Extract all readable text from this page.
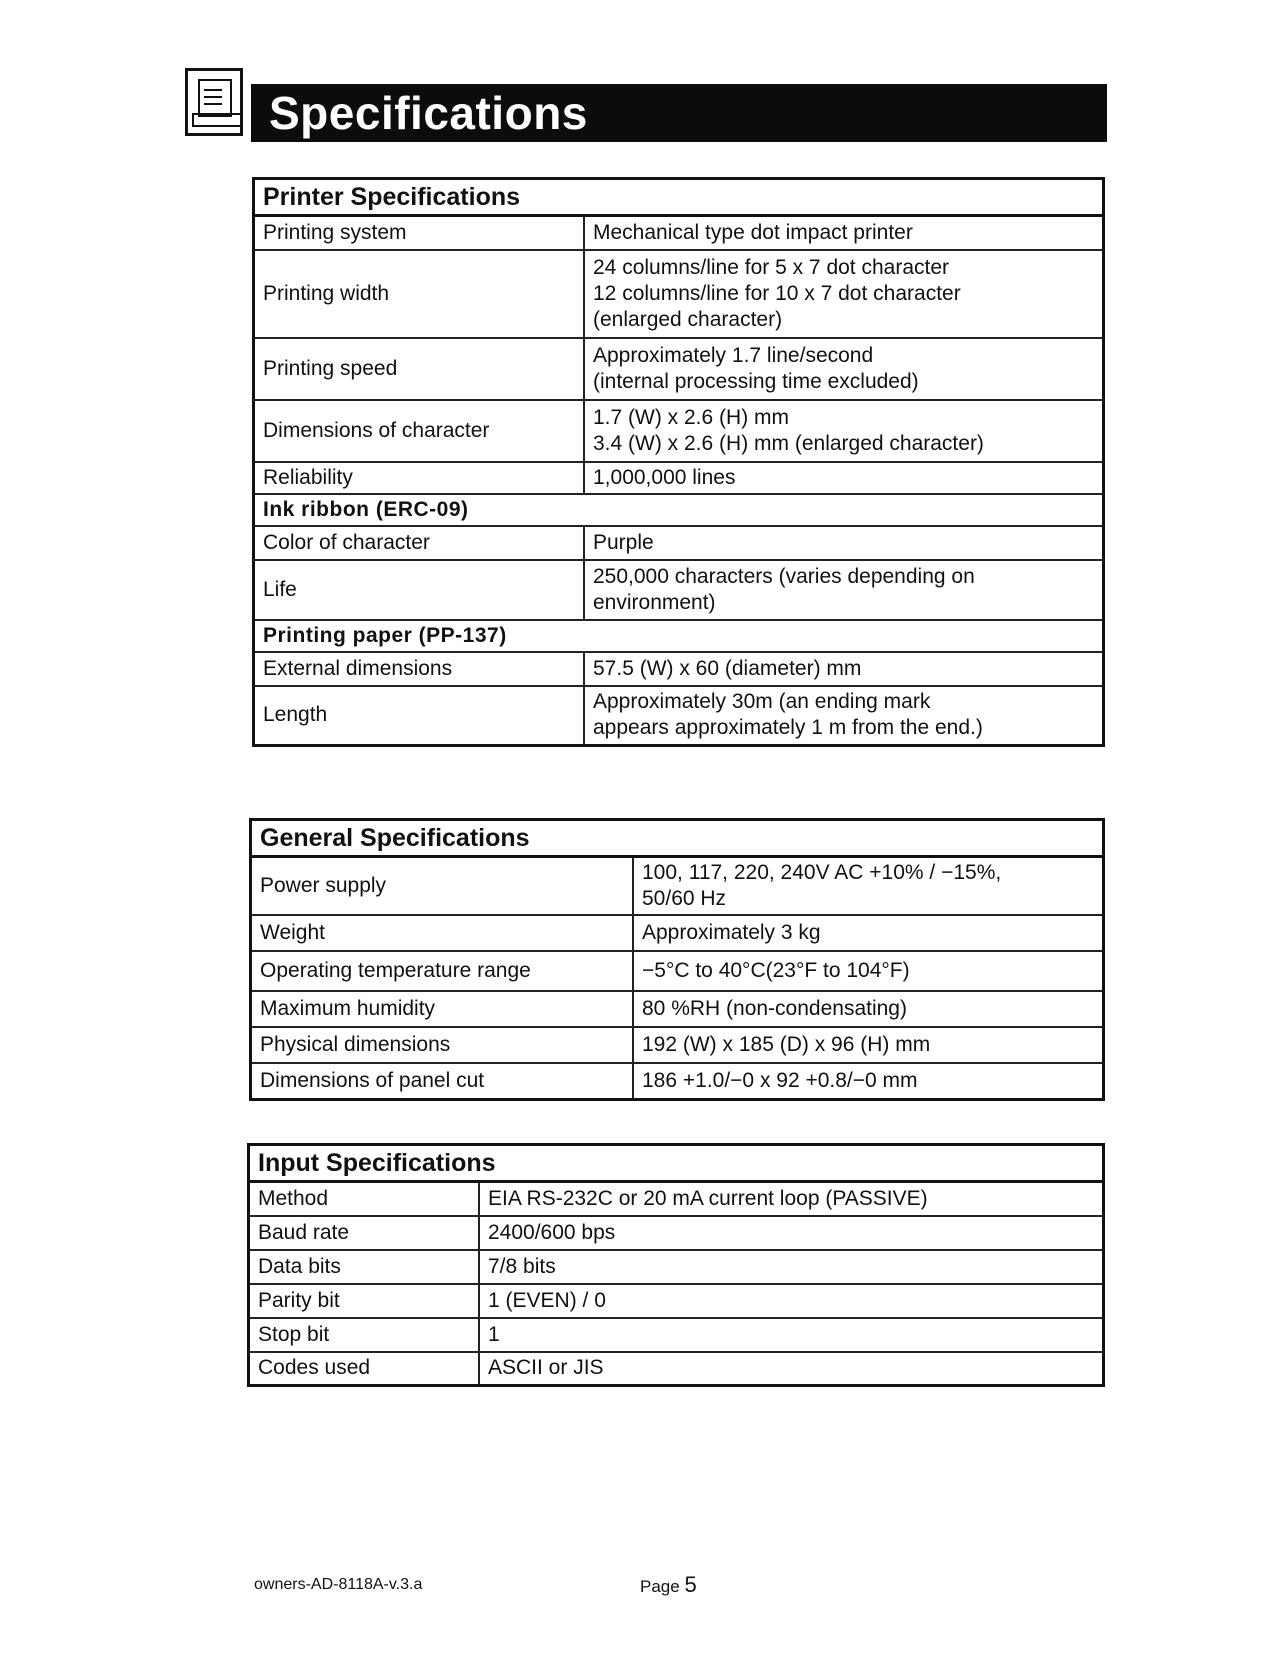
Specifications
Printer Specifications	
Printing system	Mechanical type dot impact printer

Printing width	24 columns/line for 5 x 7 dot character
12 columns/line for 10 x 7 dot character
(enlarged character)

Printing speed	Approximately 1.7 line/second
(internal processing time excluded)

Dimensions of character	1.7 (W) x 2.6 (H) mm
3.4 (W) x 2.6 (H) mm (enlarged character)

Reliability	1,000,000 lines

Ink ribbon (ERC-09)	
Color of character	Purple

Life	250,000 characters (varies depending on
environment)

Printing paper (PP-137)	
External dimensions	57.5 (W) x 60 (diameter) mm

Length	Approximately 30m (an ending mark
appears approximately 1 m from the end.)
General Specifications	
Power supply	100, 117, 220, 240V AC +10% / −15%,
50/60 Hz

Weight	Approximately 3 kg

Operating temperature range	−5°C to 40°C(23°F to 104°F)

Maximum humidity	80 %RH (non-condensating)

Physical dimensions	192 (W) x 185 (D) x 96 (H) mm

Dimensions of panel cut	186 +1.0/−0 x 92 +0.8/−0 mm
Input Specifications	
Method	EIA RS-232C or 20 mA current loop (PASSIVE)

Baud rate	2400/600 bps

Data bits	7/8 bits

Parity bit	1 (EVEN) / 0

Stop bit	1

Codes used	ASCII or JIS
owners-AD-8118A-v.3.a	Page 5
